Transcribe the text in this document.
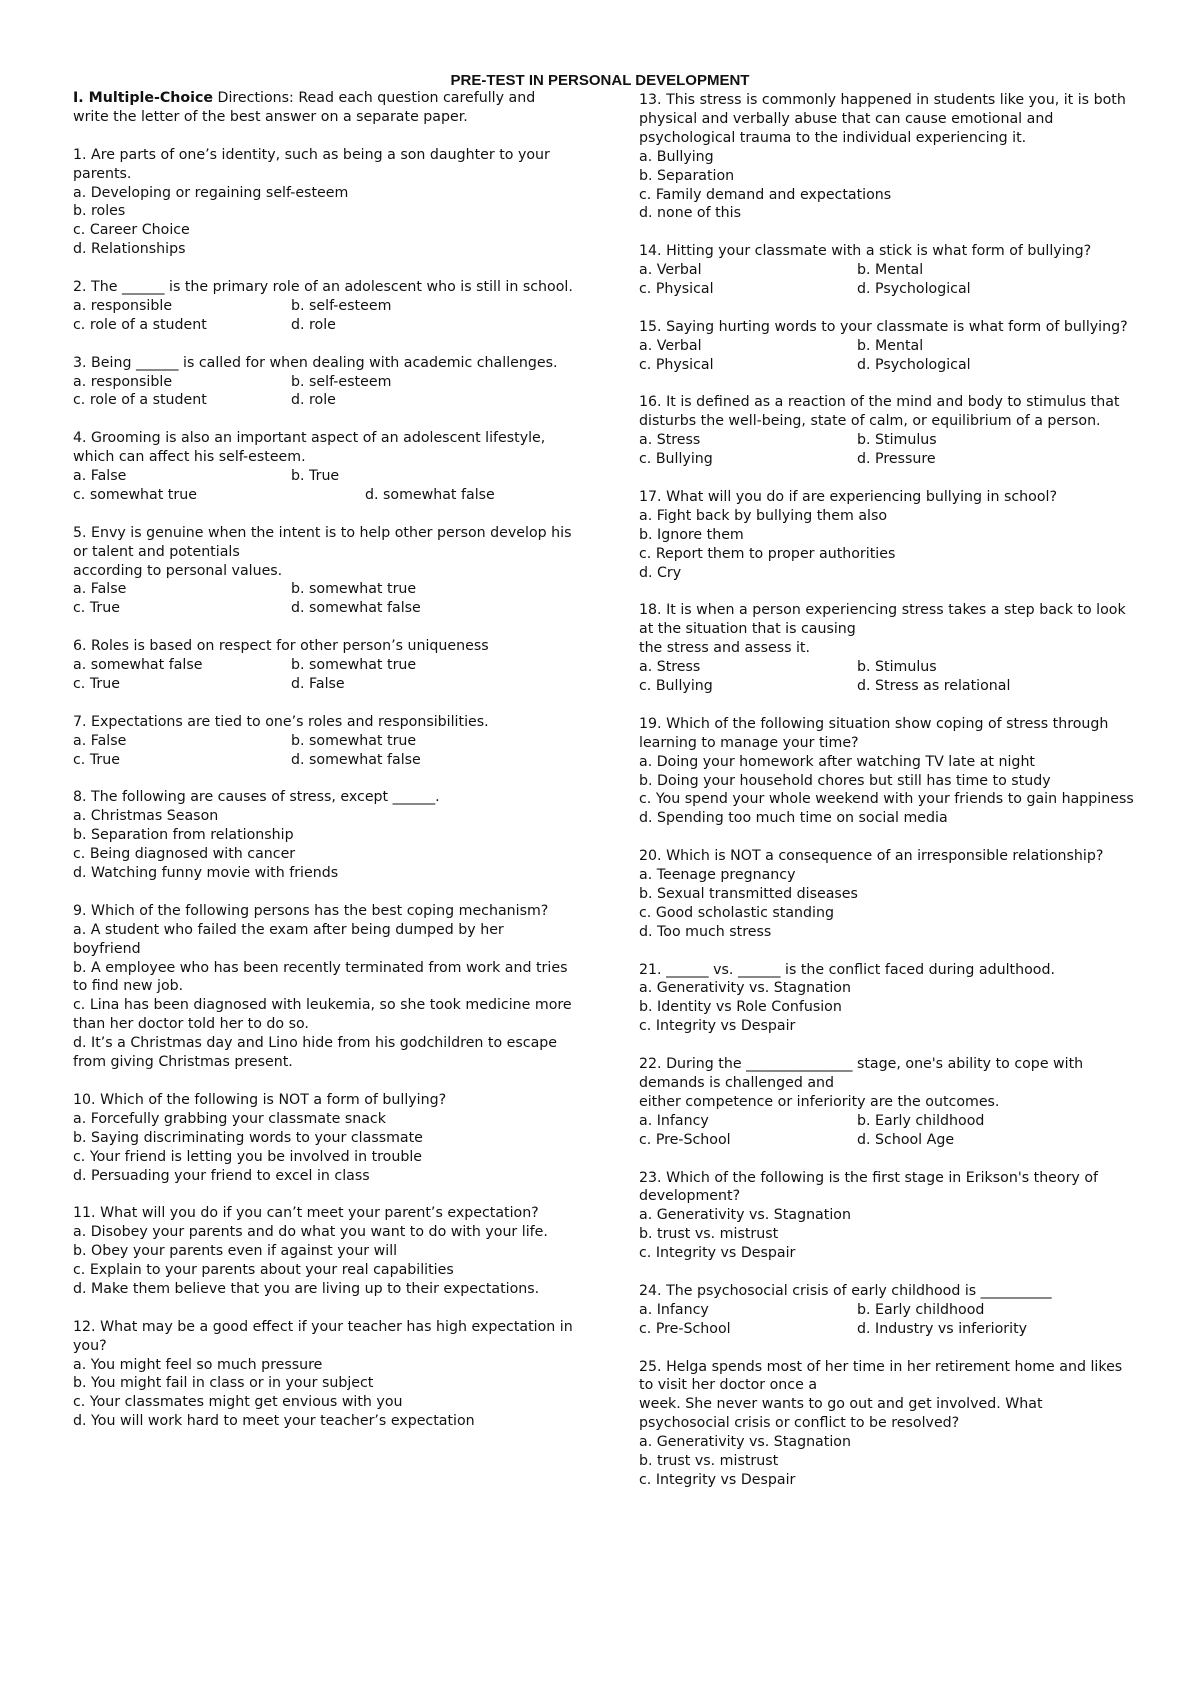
PRE-TEST IN PERSONAL DEVELOPMENT
I. Multiple-Choice Directions: Read each question carefully and write the letter of the best answer on a separate paper.
1. Are parts of one’s identity, such as being a son daughter to your parents.
a. Developing or regaining self-esteem
b. roles
c. Career Choice
d. Relationships
2. The ______ is the primary role of an adolescent who is still in school.
a. responsible	b. self-esteem
c. role of a student	d. role
3. Being ______ is called for when dealing with academic challenges.
a. responsible	b. self-esteem
c. role of a student	d. role
4. Grooming is also an important aspect of an adolescent lifestyle, which can affect his self-esteem.
a. False	b. True
c. somewhat true	d. somewhat false
5. Envy is genuine when the intent is to help other person develop his or talent and potentials
according to personal values.
a. False	b. somewhat true
c. True	d. somewhat false
6. Roles is based on respect for other person’s uniqueness
a. somewhat false	b. somewhat true
c. True	d. False
7. Expectations are tied to one’s roles and responsibilities.
a. False	b. somewhat true
c. True	d. somewhat false
8. The following are causes of stress, except ______.
a. Christmas Season
b. Separation from relationship
c. Being diagnosed with cancer
d. Watching funny movie with friends
9. Which of the following persons has the best coping mechanism?
a. A student who failed the exam after being dumped by her boyfriend
b. A employee who has been recently terminated from work and tries to find new job.
c. Lina has been diagnosed with leukemia, so she took medicine more than her doctor told her to do so.
d. It’s a Christmas day and Lino hide from his godchildren to escape from giving Christmas present.
10. Which of the following is NOT a form of bullying?
a. Forcefully grabbing your classmate snack
b. Saying discriminating words to your classmate
c. Your friend is letting you be involved in trouble
d. Persuading your friend to excel in class
11. What will you do if you can’t meet your parent’s expectation?
a. Disobey your parents and do what you want to do with your life.
b. Obey your parents even if against your will
c. Explain to your parents about your real capabilities
d. Make them believe that you are living up to their expectations.
12. What may be a good effect if your teacher has high expectation in you?
a. You might feel so much pressure
b. You might fail in class or in your subject
c. Your classmates might get envious with you
d. You will work hard to meet your teacher’s expectation
13. This stress is commonly happened in students like you, it is both physical and verbally abuse that can cause emotional and psychological trauma to the individual experiencing it.
a. Bullying
b. Separation
c. Family demand and expectations
d. none of this
14. Hitting your classmate with a stick is what form of bullying?
a. Verbal	b. Mental
c. Physical	d. Psychological
15. Saying hurting words to your classmate is what form of bullying?
a. Verbal	b. Mental
c. Physical	d. Psychological
16. It is defined as a reaction of the mind and body to stimulus that disturbs the well-being, state of calm, or equilibrium of a person.
a. Stress	b. Stimulus
c. Bullying	d. Pressure
17. What will you do if are experiencing bullying in school?
a. Fight back by bullying them also
b. Ignore them
c. Report them to proper authorities
d. Cry
18. It is when a person experiencing stress takes a step back to look at the situation that is causing
the stress and assess it.
a. Stress	b. Stimulus
c. Bullying	d. Stress as relational
19. Which of the following situation show coping of stress through learning to manage your time?
a. Doing your homework after watching TV late at night
b. Doing your household chores but still has time to study
c. You spend your whole weekend with your friends to gain happiness
d. Spending too much time on social media
20. Which is NOT a consequence of an irresponsible relationship?
a. Teenage pregnancy
b. Sexual transmitted diseases
c. Good scholastic standing
d. Too much stress
21. ______ vs. ______ is the conflict faced during adulthood.
a. Generativity vs. Stagnation
b. Identity vs Role Confusion
c. Integrity vs Despair
22. During the _______________ stage, one's ability to cope with demands is challenged and
either competence or inferiority are the outcomes.
a. Infancy	b. Early childhood
c. Pre-School	d. School Age
23. Which of the following is the first stage in Erikson's theory of development?
a. Generativity vs. Stagnation
b. trust vs. mistrust
c. Integrity vs Despair
24. The psychosocial crisis of early childhood is __________
a. Infancy	b. Early childhood
c. Pre-School	d. Industry vs inferiority
25. Helga spends most of her time in her retirement home and likes to visit her doctor once a
week. She never wants to go out and get involved. What psychosocial crisis or conflict to be resolved?
a. Generativity vs. Stagnation
b. trust vs. mistrust
c. Integrity vs Despair
